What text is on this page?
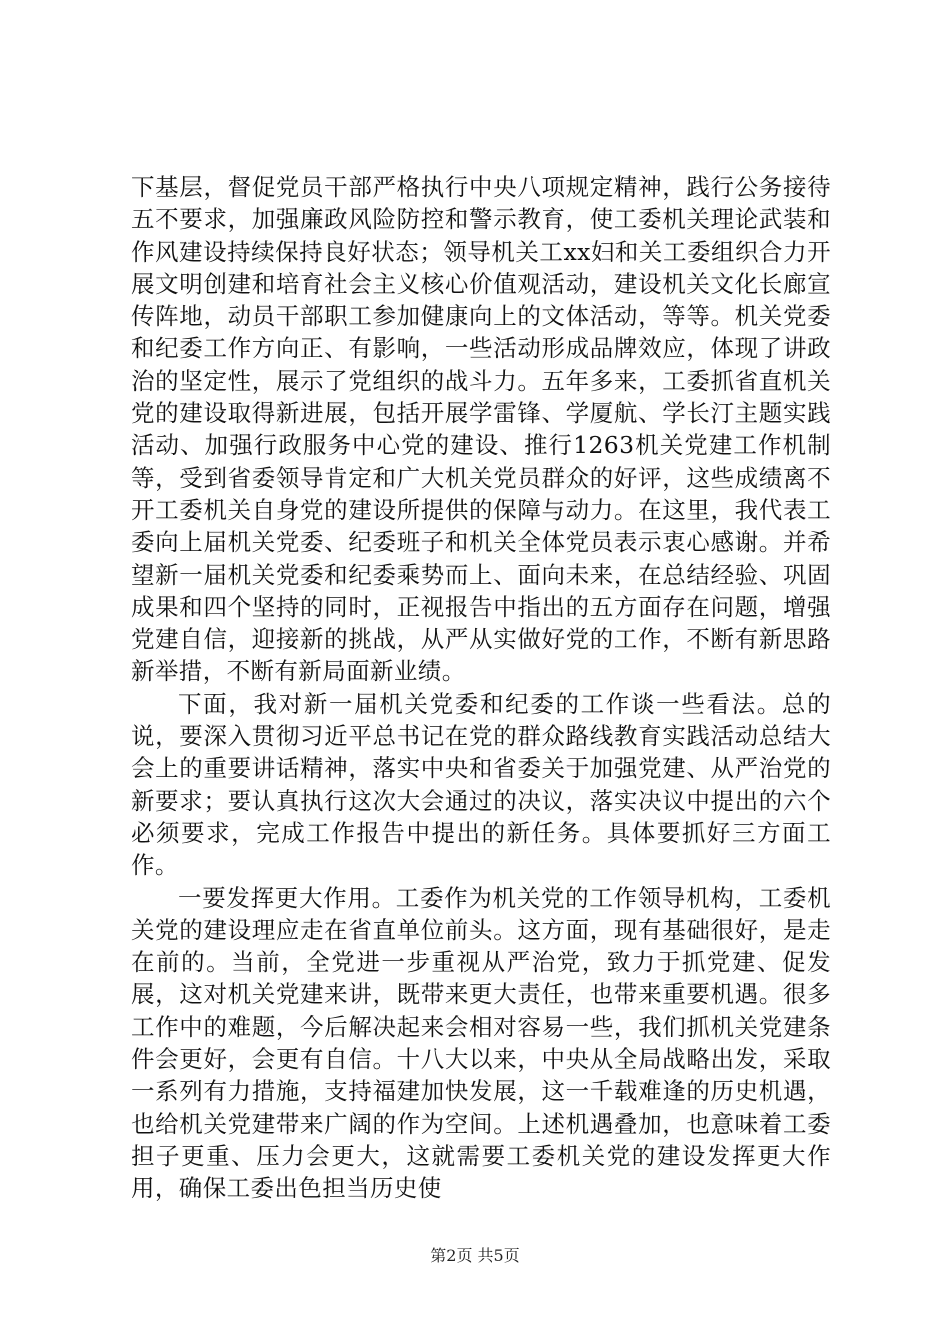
下基层，督促党员干部严格执行中央八项规定精神，践行公务接待五不要求，加强廉政风险防控和警示教育，使工委机关理论武装和作风建设持续保持良好状态；领导机关工xx妇和关工委组织合力开展文明创建和培育社会主义核心价值观活动，建设机关文化长廊宣传阵地，动员干部职工参加健康向上的文体活动，等等。机关党委和纪委工作方向正、有影响，一些活动形成品牌效应，体现了讲政治的坚定性，展示了党组织的战斗力。五年多来，工委抓省直机关党的建设取得新进展，包括开展学雷锋、学厦航、学长汀主题实践活动、加强行政服务中心党的建设、推行1263机关党建工作机制等，受到省委领导肯定和广大机关党员群众的好评，这些成绩离不开工委机关自身党的建设所提供的保障与动力。在这里，我代表工委向上届机关党委、纪委班子和机关全体党员表示衷心感谢。并希望新一届机关党委和纪委乘势而上、面向未来，在总结经验、巩固成果和四个坚持的同时，正视报告中指出的五方面存在问题，增强党建自信，迎接新的挑战，从严从实做好党的工作，不断有新思路新举措，不断有新局面新业绩。

下面，我对新一届机关党委和纪委的工作谈一些看法。总的说，要深入贯彻习近平总书记在党的群众路线教育实践活动总结大会上的重要讲话精神，落实中央和省委关于加强党建、从严治党的新要求；要认真执行这次大会通过的决议，落实决议中提出的六个必须要求，完成工作报告中提出的新任务。具体要抓好三方面工作。

一要发挥更大作用。工委作为机关党的工作领导机构，工委机关党的建设理应走在省直单位前头。这方面，现有基础很好，是走在前的。当前，全党进一步重视从严治党，致力于抓党建、促发展，这对机关党建来讲，既带来更大责任，也带来重要机遇。很多工作中的难题，今后解决起来会相对容易一些，我们抓机关党建条件会更好，会更有自信。十八大以来，中央从全局战略出发，采取一系列有力措施，支持福建加快发展，这一千载难逢的历史机遇，也给机关党建带来广阔的作为空间。上述机遇叠加，也意味着工委担子更重、压力会更大，这就需要工委机关党的建设发挥更大作用，确保工委出色担当历史使

第2页 共5页
